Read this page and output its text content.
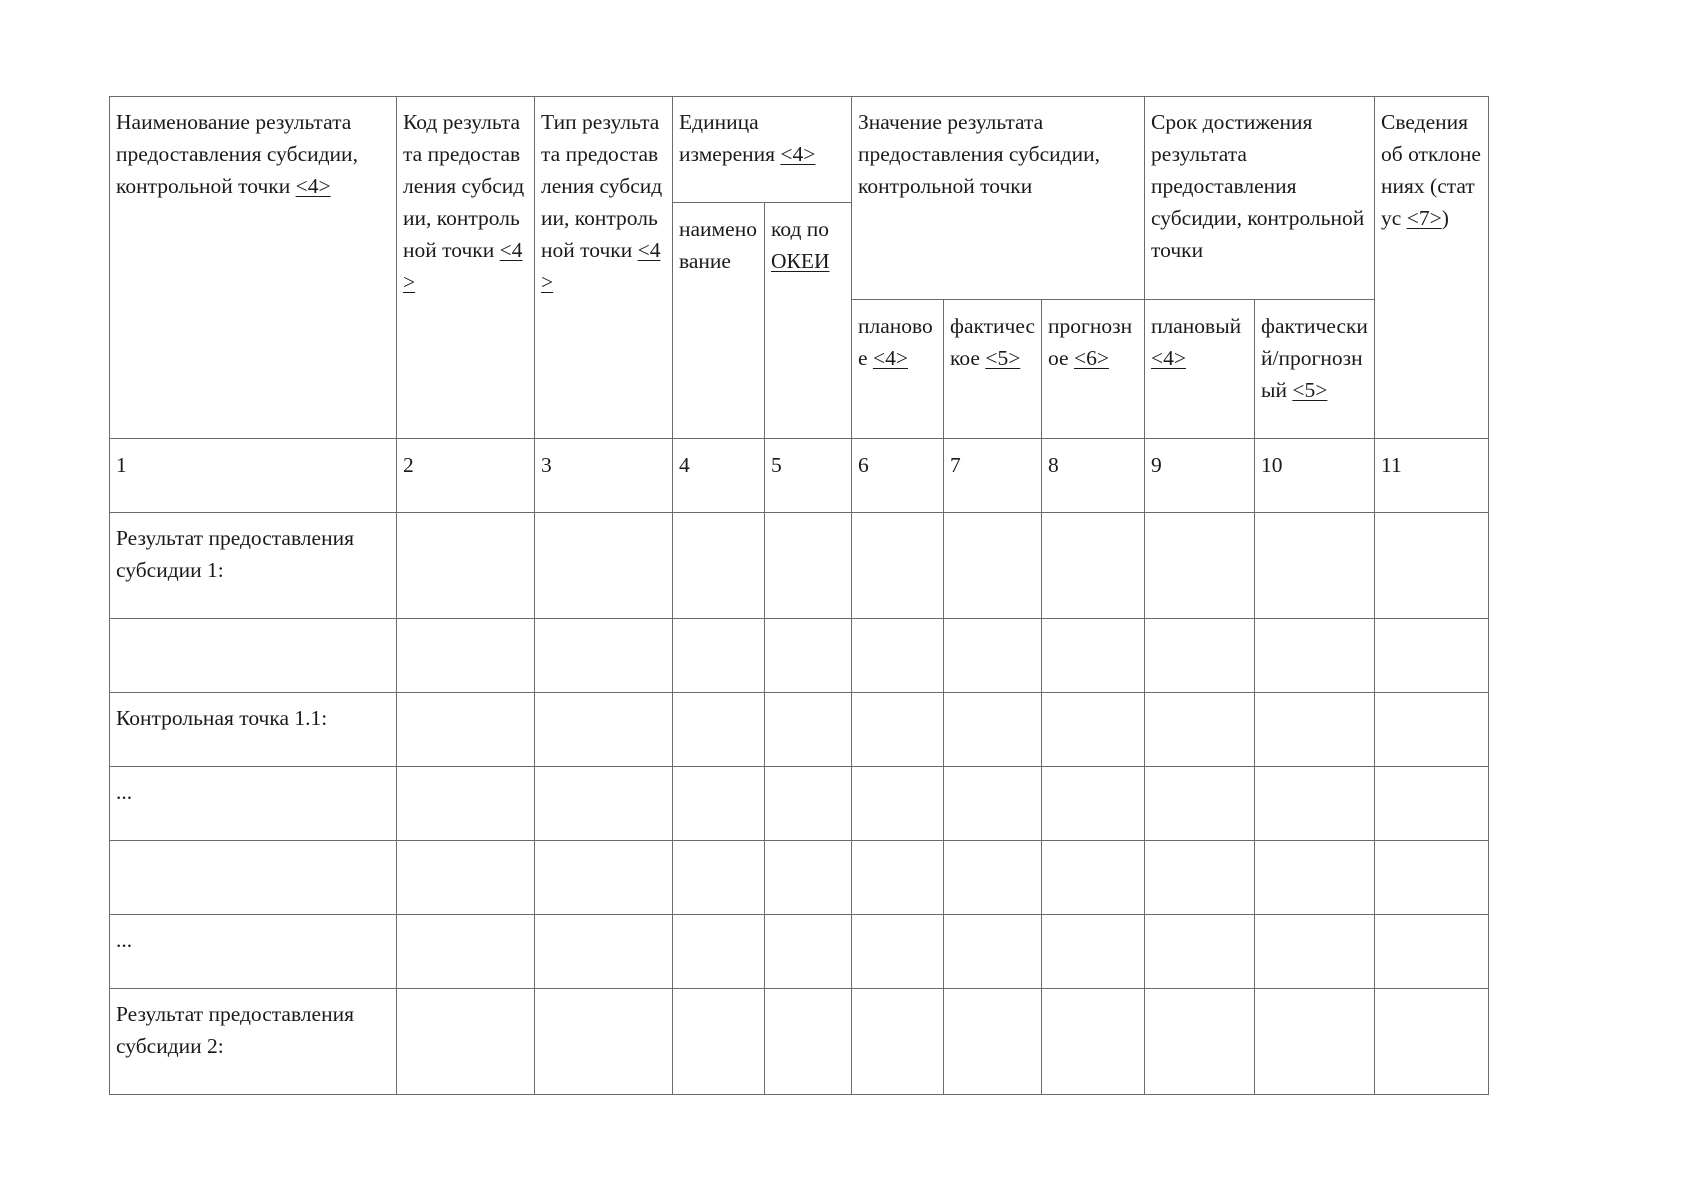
Наименование результата предоставления субсидии, контрольной точки <4>	Код результата предоставления субсидии, контрольной точки <4>	Тип результата предоставления субсидии, контрольной точки <4>	Единица измерения <4>		Значение результата предоставления субсидии, контрольной точки			Срок достижения результата предоставления субсидии, контрольной точки		Сведения об отклонениях (статус <7>)
			наименование	код по ОКЕИ						
					плановое <4>	фактическое <5>	прогнозное <6>	плановый <4>	фактический/прогнозный <5>	
1	2	3	4	5	6	7	8	9	10	11
Результат предоставления субсидии 1:										

Контрольная точка 1.1:										
...										

...										
Результат предоставления субсидии 2:										
